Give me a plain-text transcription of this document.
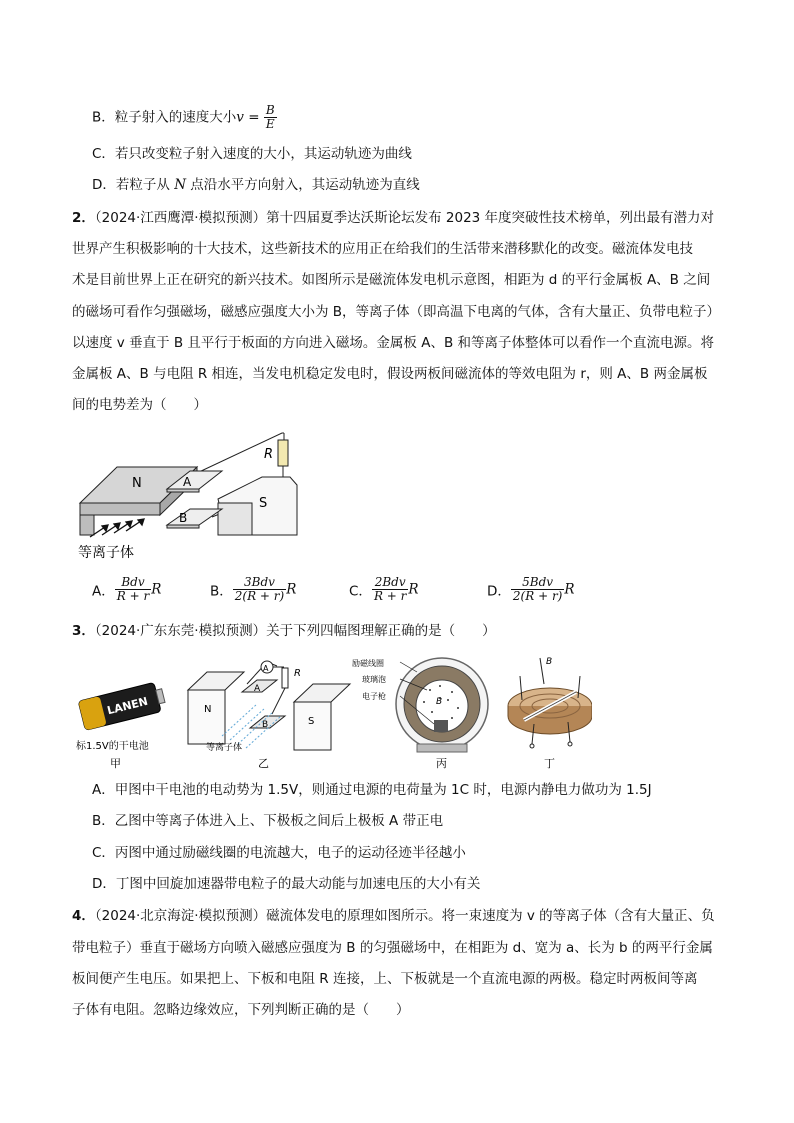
B．粒子射入的速度大小$v = \frac{B}{E}$
C．若只改变粒子射入速度的大小，其运动轨迹为曲线
D．若粒子从 N 点沿水平方向射入，其运动轨迹为直线
2．（2024·江西鹰潭·模拟预测）第十四届夏季达沃斯论坛发布 2023 年度突破性技术榜单，列出最有潜力对
世界产生积极影响的十大技术，这些新技术的应用正在给我们的生活带来潜移默化的改变。磁流体发电技
术是目前世界上正在研究的新兴技术。如图所示是磁流体发电机示意图，相距为 d 的平行金属板 A、B 之间
的磁场可看作匀强磁场，磁感应强度大小为 B，等离子体（即高温下电离的气体，含有大量正、负带电粒子）
以速度 v 垂直于 B 且平行于板面的方向进入磁场。金属板 A、B 和等离子体整体可以看作一个直流电源。将
金属板 A、B 与电阻 R 相连，当发电机稳定发电时，假设两板间磁流体的等效电阻为 r，则 A、B 两金属板
间的电势差为（　　）
N	A
S
B
R
等离子体
A． $\frac{\text{Bdv}}{R + r}$ R	B． $\frac{\text{3Bdv}}{2(R + r)}$ R	C． $\frac{\text{2Bdv}}{R + r}$ R	D． $\frac{\text{5Bdv}}{2(R + r)}$ R
3．（2024·广东东莞·模拟预测）关于下列四幅图理解正确的是（　　）
LANEN
标1.5V的干电池
甲
A	R
N
A
B	S
等离子体
乙
B
励磁线圈
玻璃泡
电子枪
丙
B
丁
A．甲图中干电池的电动势为 1.5V，则通过电源的电荷量为 1C 时，电源内静电力做功为 1.5J
B．乙图中等离子体进入上、下极板之间后上极板 A 带正电
C．丙图中通过励磁线圈的电流越大，电子的运动径迹半径越小
D．丁图中回旋加速器带电粒子的最大动能与加速电压的大小有关
4．（2024·北京海淀·模拟预测）磁流体发电的原理如图所示。将一束速度为 v 的等离子体（含有大量正、负
带电粒子）垂直于磁场方向喷入磁感应强度为 B 的匀强磁场中，在相距为 d、宽为 a、长为 b 的两平行金属
板间便产生电压。如果把上、下板和电阻 R 连接，上、下板就是一个直流电源的两极。稳定时两板间等离
子体有电阻。忽略边缘效应，下列判断正确的是（　　）
